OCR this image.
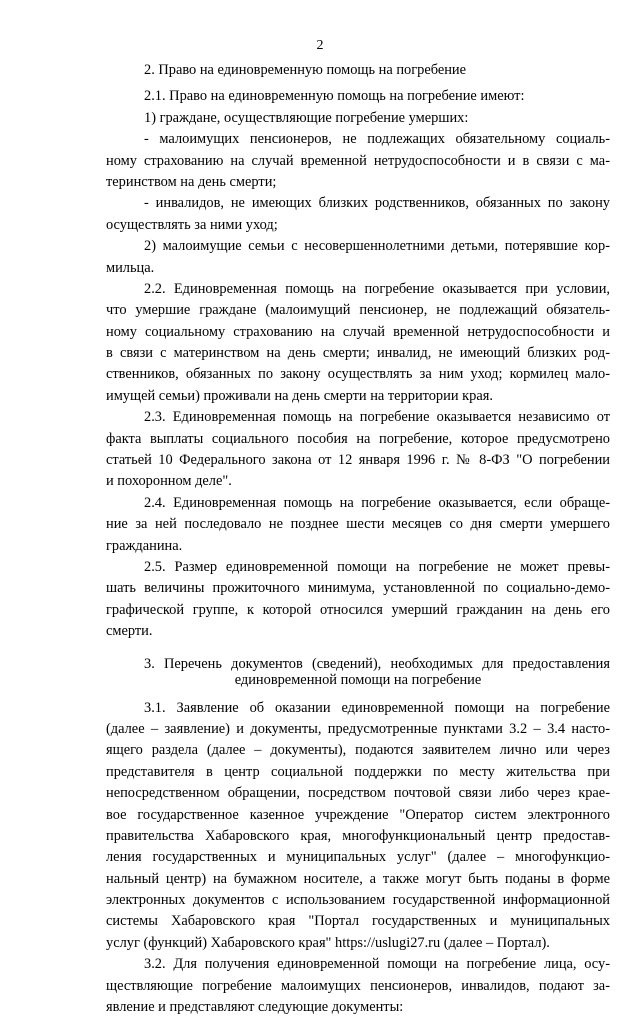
2
2. Право на единовременную помощь на погребение
2.1. Право на единовременную помощь на погребение имеют:
1) граждане, осуществляющие погребение умерших:
- малоимущих пенсионеров, не подлежащих обязательному социаль-
ному страхованию на случай временной нетрудоспособности и в связи с ма-
теринством на день смерти;
- инвалидов, не имеющих близких родственников, обязанных по закону
осуществлять за ними уход;
2) малоимущие семьи с несовершеннолетними детьми, потерявшие кор-
мильца.
2.2. Единовременная помощь на погребение оказывается при условии,
что умершие граждане (малоимущий пенсионер, не подлежащий обязатель-
ному социальному страхованию на случай временной нетрудоспособности и
в связи с материнством на день смерти; инвалид, не имеющий близких род-
ственников, обязанных по закону осуществлять за ним уход; кормилец мало-
имущей семьи) проживали на день смерти на территории края.
2.3. Единовременная помощь на погребение оказывается независимо от
факта выплаты социального пособия на погребение, которое предусмотрено
статьей 10 Федерального закона от 12 января 1996 г. № 8-ФЗ "О погребении
и похоронном деле".
2.4. Единовременная помощь на погребение оказывается, если обраще-
ние за ней последовало не позднее шести месяцев со дня смерти умершего
гражданина.
2.5. Размер единовременной помощи на погребение не может превы-
шать величины прожиточного минимума, установленной по социально-демо-
графической группе, к которой относился умерший гражданин на день его
смерти.
3. Перечень документов (сведений), необходимых для предоставления
единовременной помощи на погребение
3.1. Заявление об оказании единовременной помощи на погребение
(далее – заявление) и документы, предусмотренные пунктами 3.2 – 3.4 насто-
ящего раздела (далее – документы), подаются заявителем лично или через
представителя в центр социальной поддержки по месту жительства при
непосредственном обращении, посредством почтовой связи либо через крае-
вое государственное казенное учреждение "Оператор систем электронного
правительства Хабаровского края, многофункциональный центр предостав-
ления государственных и муниципальных услуг" (далее – многофункцио-
нальный центр) на бумажном носителе, а также могут быть поданы в форме
электронных документов с использованием государственной информационной
системы Хабаровского края "Портал государственных и муниципальных
услуг (функций) Хабаровского края" https://uslugi27.ru (далее – Портал).
3.2. Для получения единовременной помощи на погребение лица, осу-
ществляющие погребение малоимущих пенсионеров, инвалидов, подают за-
явление и представляют следующие документы:
